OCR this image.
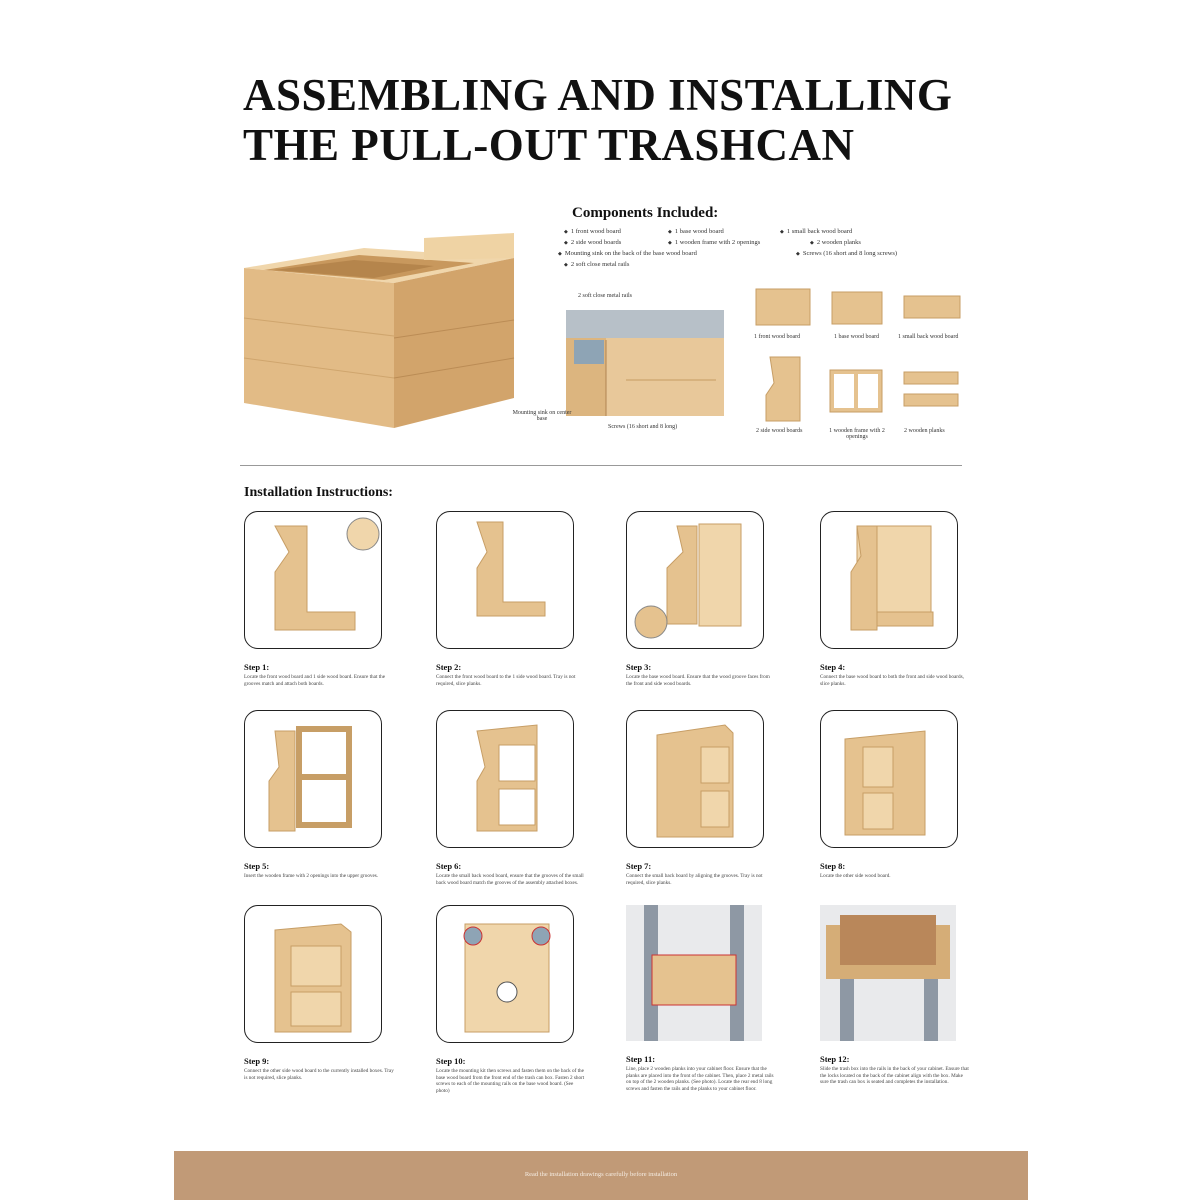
ASSEMBLING AND INSTALLING
THE PULL-OUT TRASHCAN
Components Included:
◆ 1 front wood board	◆ 1 base wood board	◆ 1 small back wood board
◆ 2 side wood boards	◆ 1 wooden frame with 2 openings	◆ 2 wooden planks
◆ Mounting sink on the back of the base wood board	◆ Screws (16 short and 8 long screws)
◆ 2 soft close metal rails
2 soft close metal rails
Mounting sink on center base
Screws (16 short and 8 long)
1 front wood board	1 base wood board	1 small back wood board
2 side wood boards	1 wooden frame with 2 openings
2 wooden planks
Installation Instructions:
Step 1:
Locate the front wood board and 1 side wood board. Ensure that the grooves match and attach both boards.
Step 2:
Connect the front wood board to the 1 side wood board. Tray is not required, slice planks.
Step 3:
Locate the base wood board. Ensure that the wood groove faces from the front and side wood boards.
Step 4:
Connect the base wood board to both the front and side wood boards, slice planks.
Step 5:
Insert the wooden frame with 2 openings into the upper grooves.
Step 6:
Locate the small back wood board, ensure that the grooves of the small back wood board match the grooves of the assembly attached boxes.
Step 7:
Connect the small back board by aligning the grooves. Tray is not required, slice planks.
Step 8:
Locate the other side wood board.
Step 9:
Connect the other side wood board to the currently installed boxes. Tray is not required, slice planks.
Step 10:
Locate the mounting kit then screws and fasten them on the back of the base wood board from the front end of the trash can box. Fasten 2 short screws to each of the mounting rails on the base wood board. (See photo)
Step 11:
Line, place 2 wooden planks into your cabinet floor. Ensure that the planks are placed into the front of the cabinet. Then, place 2 metal rails on top of the 2 wooden planks. (See photo). Locate the rear end 8 long screws and fasten the rails and the planks to your cabinet floor.
Step 12:
Slide the trash box into the rails in the back of your cabinet. Ensure that the locks located on the back of the cabinet align with the box. Make sure the trash can box is seated and completes the installation.
Read the installation drawings carefully before installation
